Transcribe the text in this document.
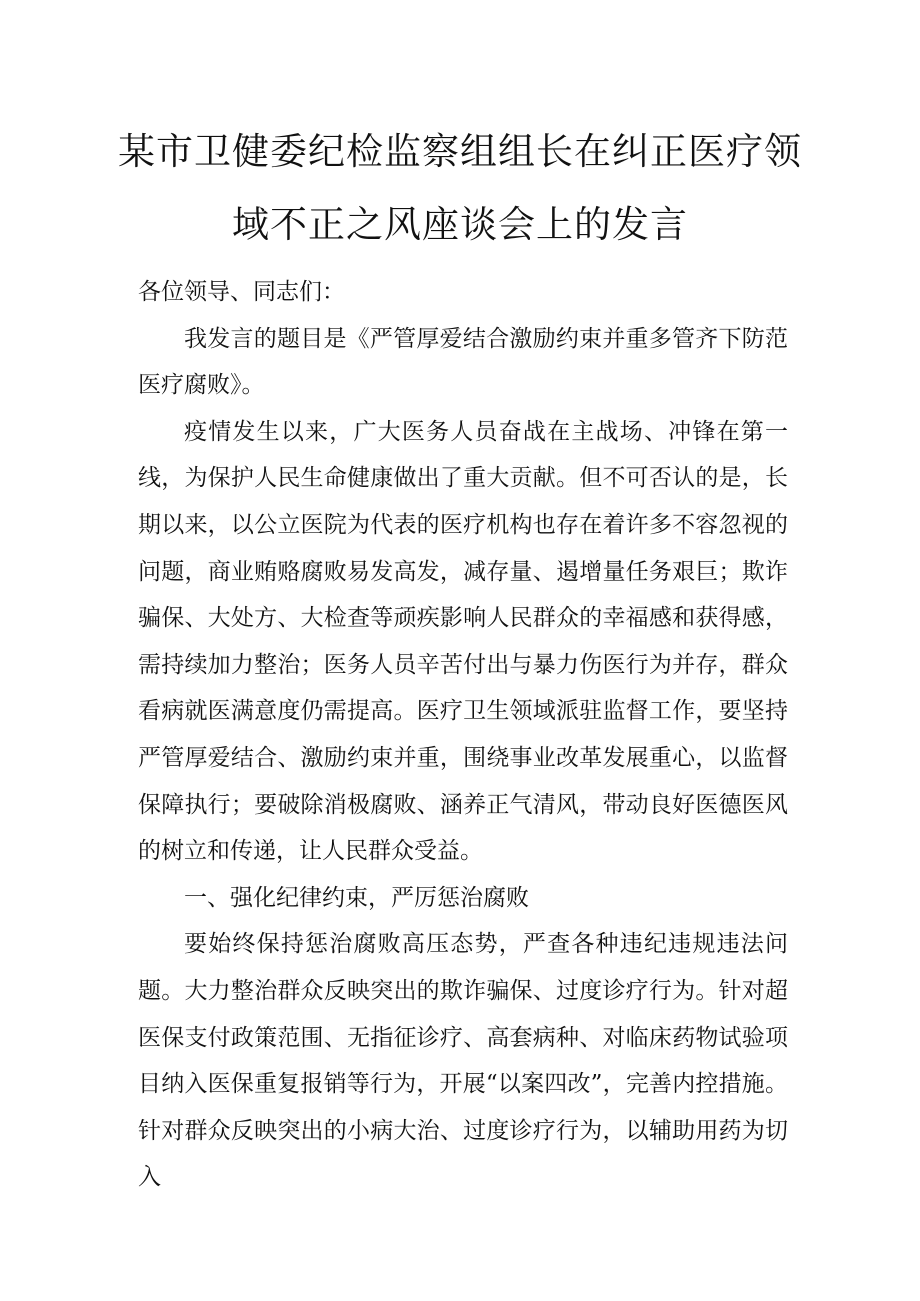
某市卫健委纪检监察组组长在纠正医疗领
域不正之风座谈会上的发言

各位领导、同志们：

我发言的题目是《严管厚爱结合激励约束并重多管齐下防范医疗腐败》。

疫情发生以来，广大医务人员奋战在主战场、冲锋在第一线，为保护人民生命健康做出了重大贡献。但不可否认的是，长期以来，以公立医院为代表的医疗机构也存在着许多不容忽视的问题，商业贿赂腐败易发高发，减存量、遏增量任务艰巨；欺诈骗保、大处方、大检查等顽疾影响人民群众的幸福感和获得感，需持续加力整治；医务人员辛苦付出与暴力伤医行为并存，群众看病就医满意度仍需提高。医疗卫生领域派驻监督工作，要坚持严管厚爱结合、激励约束并重，围绕事业改革发展重心，以监督保障执行；要破除消极腐败、涵养正气清风，带动良好医德医风的树立和传递，让人民群众受益。

一、强化纪律约束，严厉惩治腐败

要始终保持惩治腐败高压态势，严查各种违纪违规违法问题。大力整治群众反映突出的欺诈骗保、过度诊疗行为。针对超医保支付政策范围、无指征诊疗、高套病种、对临床药物试验项目纳入医保重复报销等行为，开展“以案四改”，完善内控措施。针对群众反映突出的小病大治、过度诊疗行为，以辅助用药为切入
